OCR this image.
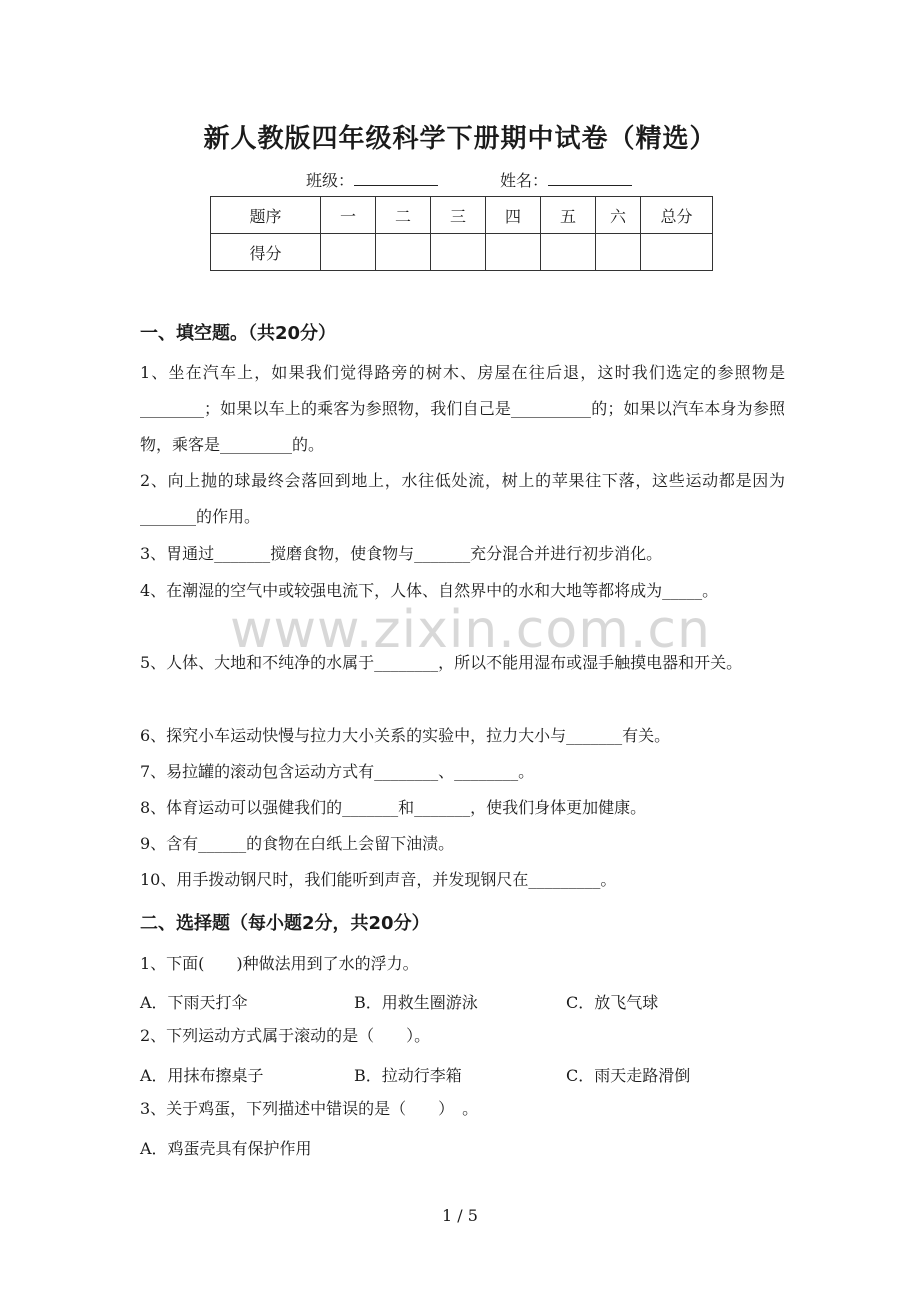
新人教版四年级科学下册期中试卷（精选）
班级：	姓名：
题序	一	二	三	四	五	六	总分
得分							
一、填空题。（共20分）
1、坐在汽车上，如果我们觉得路旁的树木、房屋在往后退，这时我们选定的参照物是________；如果以车上的乘客为参照物，我们自己是__________的；如果以汽车本身为参照物，乘客是_________的。
2、向上抛的球最终会落回到地上，水往低处流，树上的苹果往下落，这些运动都是因为_______的作用。
3、胃通过_______搅磨食物，使食物与_______充分混合并进行初步消化。
4、在潮湿的空气中或较强电流下，人体、自然界中的水和大地等都将成为_____。
5、人体、大地和不纯净的水属于________，所以不能用湿布或湿手触摸电器和开关。
6、探究小车运动快慢与拉力大小关系的实验中，拉力大小与_______有关。
7、易拉罐的滚动包含运动方式有________、________。
8、体育运动可以强健我们的_______和_______，使我们身体更加健康。
9、含有______的食物在白纸上会留下油渍。
10、用手拨动钢尺时，我们能听到声音，并发现钢尺在_________。
www.zixin.com.cn
二、选择题（每小题2分，共20分）
1、下面(　　)种做法用到了水的浮力。
A．下雨天打伞	B．用救生圈游泳	C．放飞气球
2、下列运动方式属于滚动的是（　　）。
A．用抹布擦桌子	B．拉动行李箱	C．雨天走路滑倒
3、关于鸡蛋，下列描述中错误的是（　　）　。
A．鸡蛋壳具有保护作用
1 / 5
